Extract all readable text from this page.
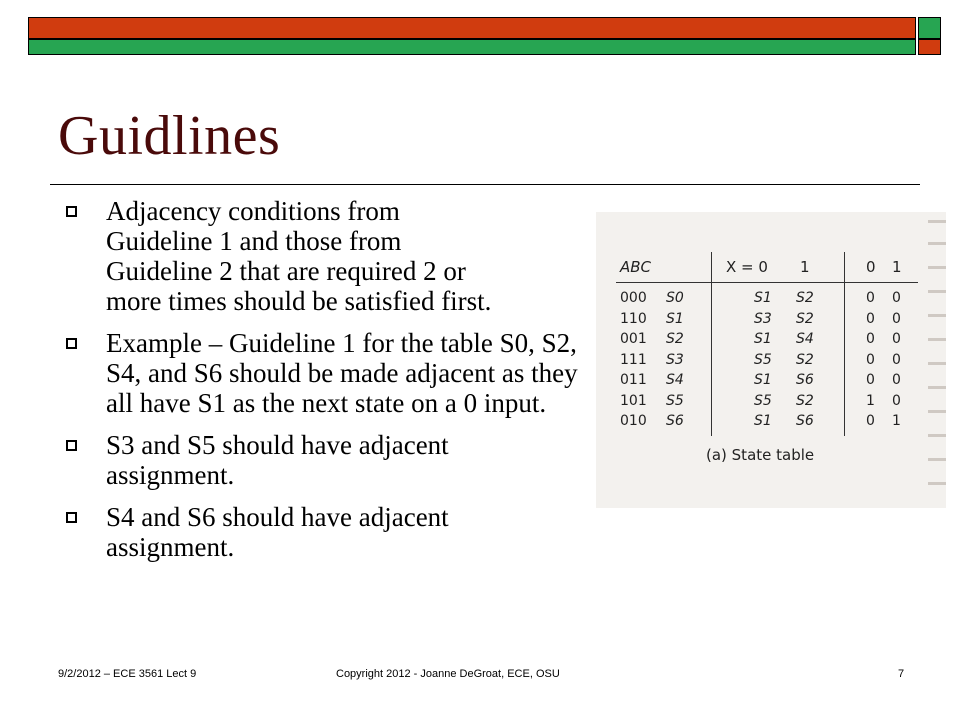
Guidlines
Adjacency conditions from Guideline 1 and those from Guideline 2 that are required 2 or more times should be satisfied first.
Example – Guideline 1 for the table S0, S2, S4, and S6 should be made adjacent as they all have S1 as the next state on a 0 input.
S3 and S5 should have adjacent assignment.
S4 and S6 should have adjacent assignment.
ABC	X = 0 1	0 1
000 S0	S1 S2	0 0
110 S1	S3 S2	0 0
001 S2	S1 S4	0 0
111 S3	S5 S2	0 0
011 S4	S1 S6	0 0
101 S5	S5 S2	1 0
010 S6	S1 S6	0 1
(a) State table
9/2/2012 – ECE 3561 Lect 9	Copyright 2012 - Joanne DeGroat, ECE, OSU	7
